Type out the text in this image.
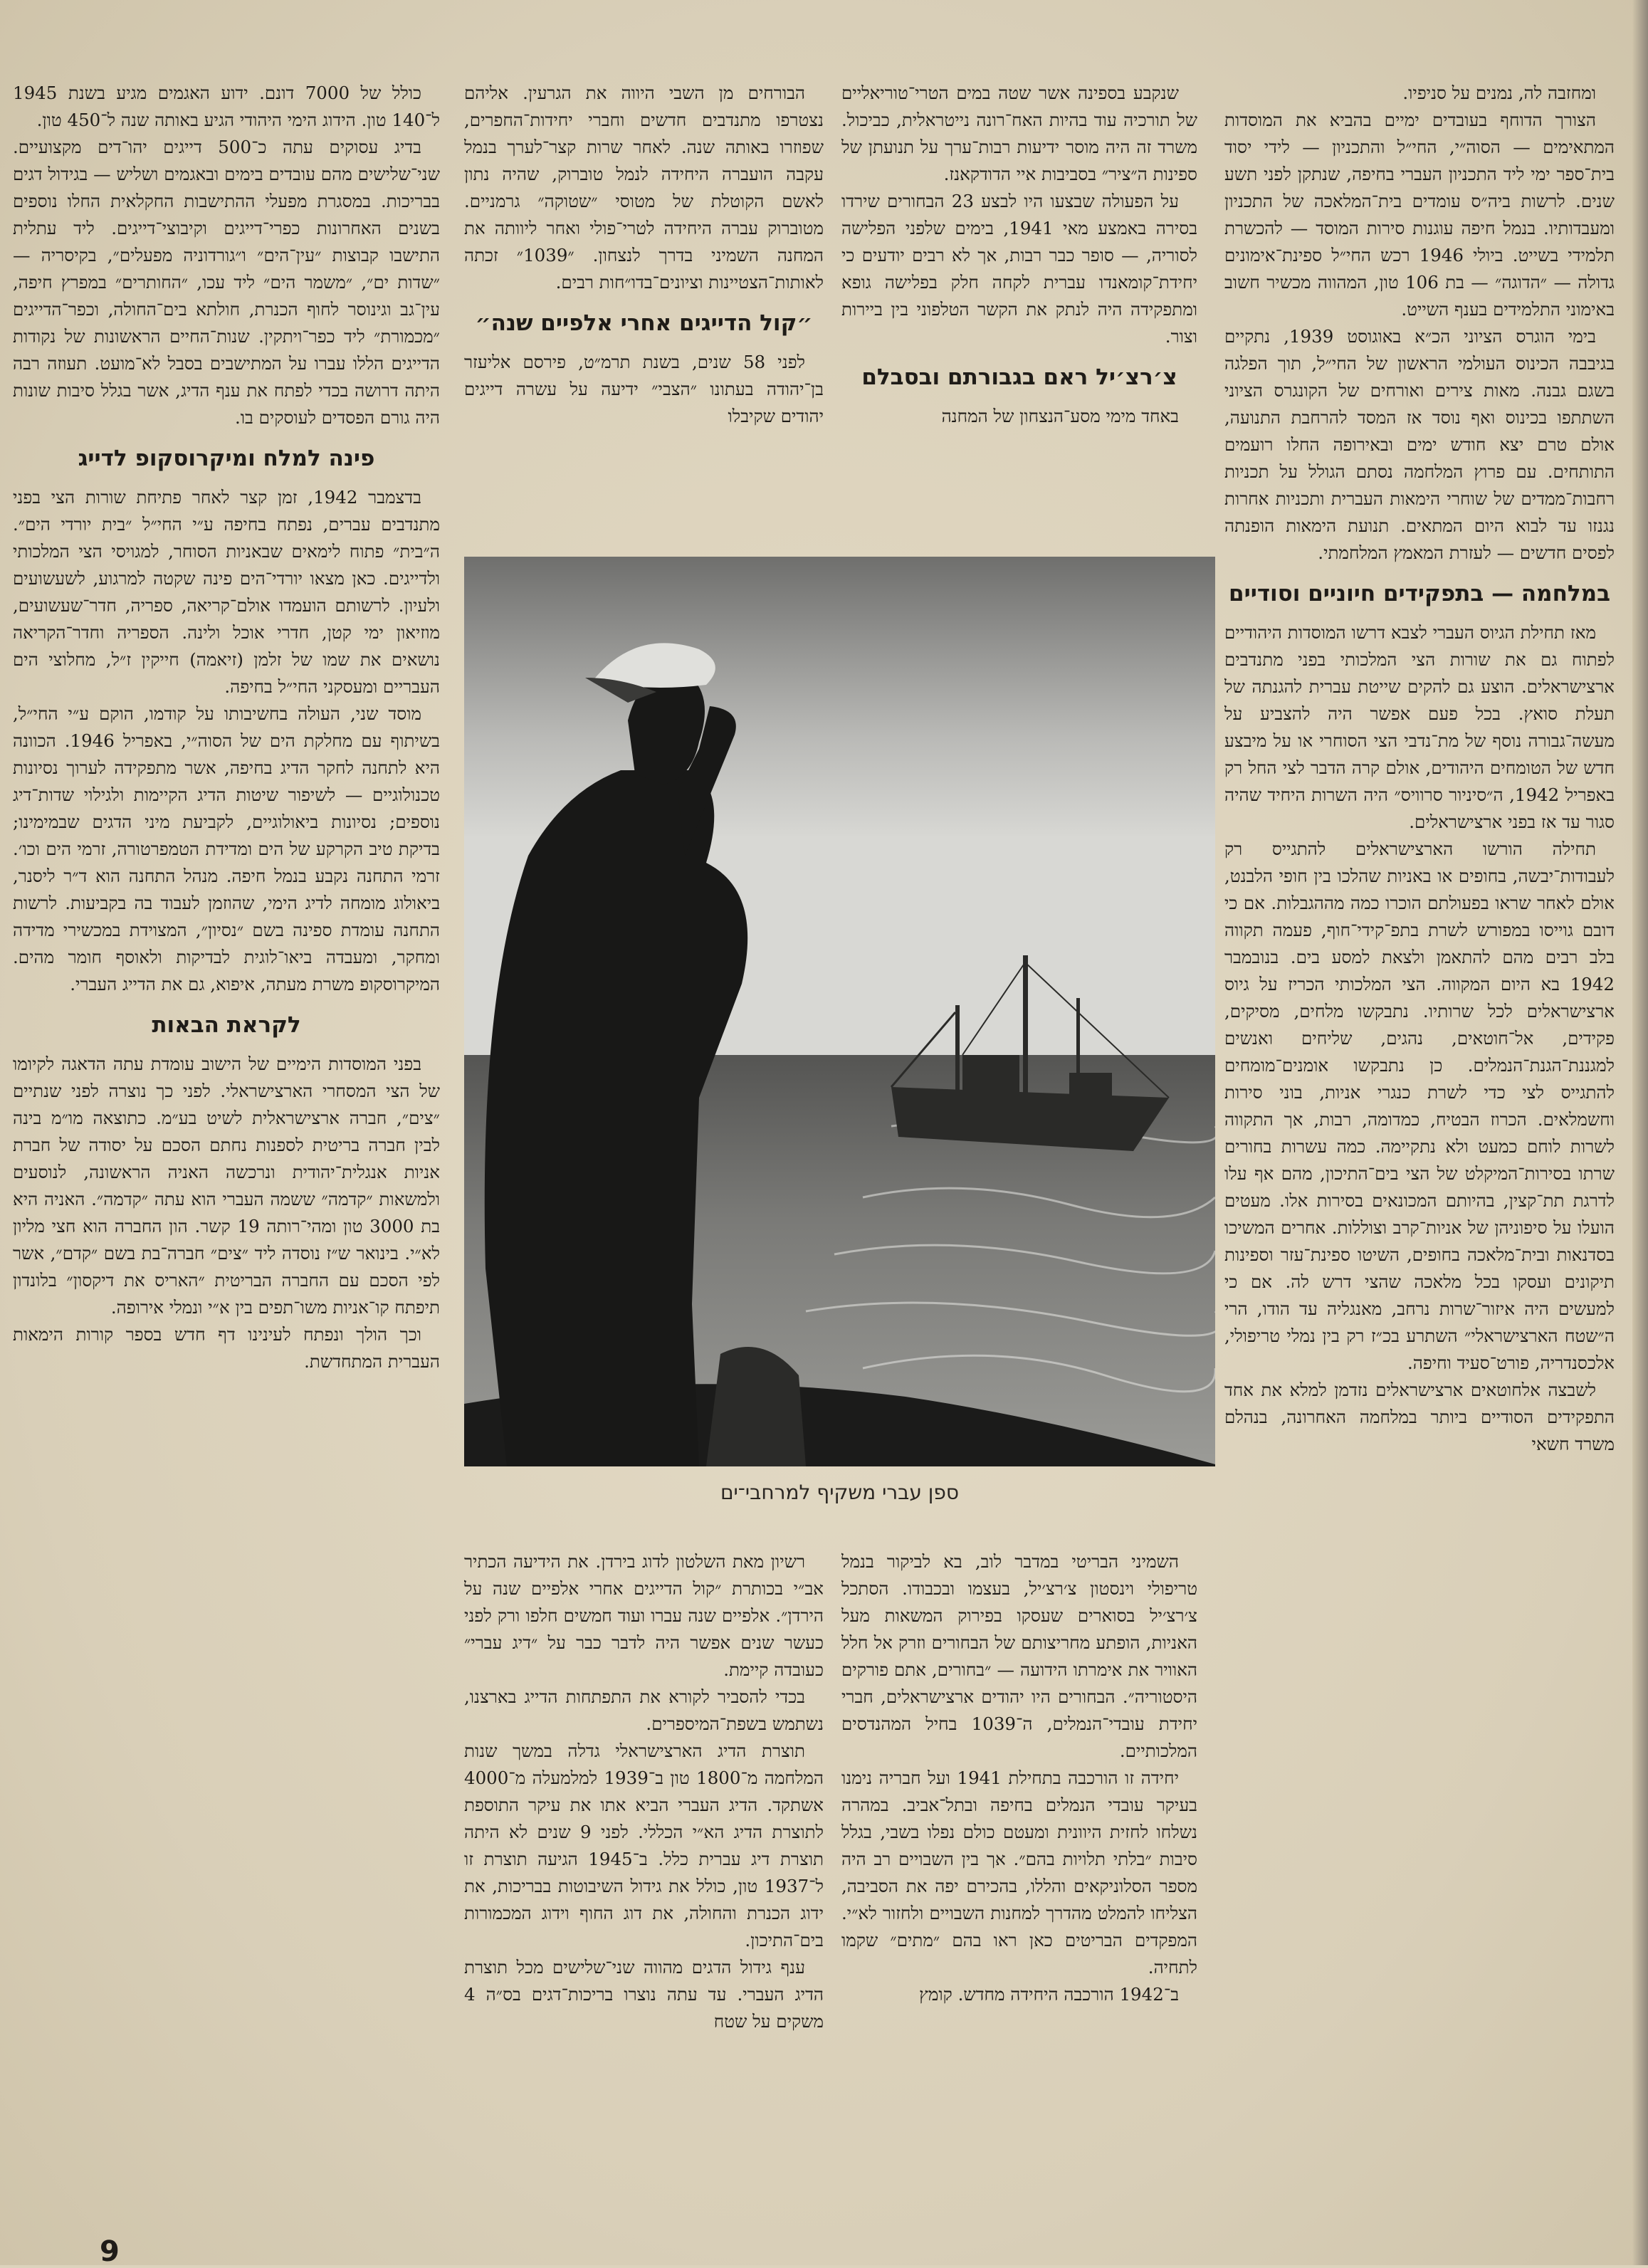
ומחזבה לה, נמנים על סניפיו.

הצורך הדוחף בעובדים ימיים בהביא את המוסדות המתאימים — הסוה״י, החי״ל והתכניון — לידי יסוד בית־ספר ימי ליד התכניון העברי בחיפה, שנתקן לפני תשע שנים. לרשות ביה״ס עומדים בית־המלאכה של התכניון ומעבדותיו. בנמל חיפה עוגנות סירות המוסד — להכשרת תלמידי בשייט. ביולי 1946 רכש החי״ל ספינת־אימונים גדולה — ״הדוגה״ — בת 106 טון, המהווה מכשיר חשוב באימוני התלמידים בענף השייט.

בימי הוגרס הציוני הכ״א באוגוסט 1939, נתקיים בגיבבה הכינוס העולמי הראשון של החי״ל, תוך הפלגה בשגם גבנה. מאות צירים ואורחים של הקונגרס הציוני השתתפו בכינוס ואף נוסד אז המסד להרחבת התנועה, אולם טרם יצא חודש ימים ובאירופה החלו רועמים התותחים. עם פרוץ המלחמה נסתם הגולל על תכניות רחבות־ממדים של שוחרי הימאות העברית ותכניות אחרות נגנזו עד לבוא היום המתאים. תנועת הימאות הופנתה לפסים חדשים — לעזרת המאמץ המלחמתי.

במלחמה — בתפקידים חיוניים וסודיים

מאז תחילת הגיוס העברי לצבא דרשו המוסדות היהודיים לפתוח גם את שורות הצי המלכותי בפני מתנדבים ארצישראלים. הוצע גם להקים שייטת עברית להגנתה של תעלת סואץ. בכל פעם אפשר היה להצביע על מעשה־גבורה נוסף של מת־נדבי הצי הסוחרי או על מיבצע חדש של הטומחים היהודים, אולם קרה הדבר לצי החל רק באפריל 1942, ה״סיניור סרוויס״ היה השרות היחיד שהיה סגור עד אז בפני ארצישראלים.

תחילה הורשו הארצישראלים להתגייס רק לעבודות־יבשה, בחופים או באניות שהלכו בין חופי הלבנט, אולם לאחר שראו בפעולתם הוכרו כמה מההגבלות. אם כי דובם גוייסו במפורש לשרת בתפ־קידי־חוף, פעמה תקווה בלב רבים מהם להתאמן ולצאת למסע בים. בנובמבר 1942 בא היום המקווה. הצי המלכותי הכריז על גיוס ארצישראלים לכל שרותיו. נתבקשו מלחים, מסיקים, פקידים, אל־חוטאים, נהגים, שליחים ואנשים למגננת־הגנת־הנמלים. כן נתבקשו אומנים־מומחים להתגייס לצי כדי לשרת כנגרי אניות, בוני סירות וחשמלאים. הכרוז הבטיח, כמדומה, רבות, אך התקווה לשרות לוחם כמעט ולא נתקיימה. כמה עשרות בחורים שרתו בסירות־המיקלט של הצי בים־התיכון, מהם אף עלו לדרגת תת־קצין, בהיותם המכונאים בסירות אלו. מעטים הועלו על סיפוניהן של אניות־קרב וצוללות. אחרים המשיכו בסדנאות ובית־מלאכה בחופים, השיטו ספינת־עזר וספינות תיקונים ועסקו בכל מלאכה שהצי דרש לה. אם כי למעשים היה איזור־שרות נרחב, מאנגליה עד הודו, הרי ה״שטח הארצישראלי״ השתרע בכ״ז רק בין נמלי טריפולי, אלכסנדריה, פורט־סעיד וחיפה.

לשבצה אלחוטאים ארצישראלים נזדמן למלא את אחד התפקידים הסודיים ביותר במלחמה האחרונה, בנהלם משרד חשאי

שנקבע בספינה אשר שטה במים הטרי־טוריאליים של תורכיה עוד בהיות האח־רונה נייטראלית, כביכול. משרד זה היה מוסר ידיעות רבות־ערך על תנועתן של ספינות ה״ציר״ בסביבות איי הדודקאנז.

על הפעולה שבצעו היו לבצע 23 הבחורים שירדו בסירה באמצע מאי 1941, בימים שלפני הפלישה לסוריה, — סופר כבר רבות, אך לא רבים יודעים כי יחידת־קומאנדו עברית לקחה חלק בפלישה גופא ומתפקידה היה לנתק את הקשר הטלפוני בין ביירות וצור.

צ׳רצ׳יל ראם בגבורתם ובסבלם

באחד מימי מסע־הנצחון של המחנה

הבורחים מן השבי היווה את הגרעין. אליהם נצטרפו מתנדבים חדשים וחברי יחידות־החפרים, שפוזרו באותה שנה. לאחר שרות קצר־לערך בנמל עקבה הועברה היחידה לנמל טוברוק, שהיה נתון לאשם הקוטלת של מטוסי ״שטוקה״ גרמניים. מטוברוק עברה היחידה לטרי־פולי ואחר ליוותה את המחנה השמיני בדרך לנצחון. ״1039״ זכתה לאותות־הצטיינות וציונים־בדו״חות רבים.

״קול הדייגים אחרי אלפיים שנה״

לפני 58 שנים, בשנת תרמ״ט, פירסם אליעזר בן־יהודה בעתונו ״הצבי״ ידיעה על עשרה דייגים יהודים שקיבלו

כולל של 7000 דונם. ידוע האגמים מגיע בשנת 1945 ל־140 טון. הידוג הימי היהודי הגיע באותה שנה ל־450 טון.

בדיג עסוקים עתה כ־500 דייגים יהו־דים מקצועיים. שני־שלישים מהם עובדים בימים ובאגמים ושליש — בגידול דגים בבריכות. במסגרת מפעלי ההתישבות החקלאית החלו נוספים בשנים האחרונות כפרי־דייגים וקיבוצי־דייגים. ליד עתלית התישבו קבוצות ״עין־הים״ ו״גורדוניה מפעלים״, בקיסריה — ״שדות ים״, ״משמר הים״ ליד עכו, ״החותרים״ במפרץ חיפה, עין־גב וגינוסר לחוף הכנרת, חולתא בים־החולה, וכפר־הדייגים ״מכמורת״ ליד כפר־ויתקין. שנות־החיים הראשונות של נקודות הדייגים הללו עברו על המתישבים בסבל לא־מועט. תעוזה רבה היתה דרושה בכדי לפתח את ענף הדיג, אשר בגלל סיבות שונות היה גורם הפסדים לעוסקים בו.

פינה למלח ומיקרוסקופ לדייג

בדצמבר 1942, זמן קצר לאחר פתיחת שורות הצי בפני מתנדבים עברים, נפתח בחיפה ע״י החי״ל ״בית יורדי הים״. ה״בית״ פתוח לימאים שבאניות הסוחר, למגויסי הצי המלכותי ולדייגים. כאן מצאו יורדי־הים פינה שקטה למרגוע, לשעשועים ולעיון. לרשותם הועמדו אולם־קריאה, ספריה, חדר־שעשועים, מוזיאון ימי קטן, חדרי אוכל ולינה. הספריה וחדר־הקריאה נושאים את שמו של זלמן (זיאמה) חייקין ז״ל, מחלוצי הים העבריים ומעסקני החי״ל בחיפה.

מוסד שני, העולה בחשיבותו על קודמו, הוקם ע״י החי״ל, בשיתוף עם מחלקת הים של הסוה״י, באפריל 1946. הכוונה היא לתחנה לחקר הדיג בחיפה, אשר מתפקידה לערוך נסיונות טכנולוגיים — לשיפור שיטות הדיג הקיימות ולגילוי שדות־דיג נוספים; נסיונות ביאולוגיים, לקביעת מיני הדגים שבמימינו; בדיקת טיב הקרקע של הים ומדידת הטמפרטורה, זרמי הים וכו׳. זרמי התחנה נקבע בנמל חיפה. מנהל התחנה הוא ד״ר ליסנר, ביאולוג מומחה לדיג הימי, שהוזמן לעבוד בה בקביעות. לרשות התחנה עומדת ספינה בשם ״נסיון״, המצוידת במכשירי מדידה ומחקר, ומעבדה ביאו־לוגית לבדיקות ולאוסף חומר מהים. המיקרוסקופ משרת מעתה, איפוא, גם את הדייג העברי.

לקראת הבאות

בפני המוסדות הימיים של הישוב עומדת עתה הדאגה לקיומו של הצי המסחרי הארצישראלי. לפני כך נוצרה לפני שנתיים ״צים״, חברה ארצישראלית לשיט בע״מ. כתוצאה מו״מ בינה לבין חברה בריטית לספנות נחתם הסכם על יסודה של חברת אניות אנגלית־יהודית ונרכשה האניה הראשונה, לנוסעים ולמשאות ״קדמה״ ששמה העברי הוא עתה ״קדמה״. האניה היא בת 3000 טון ומהי־רותה 19 קשר. הון החברה הוא חצי מליון לא״י. בינואר ש״ז נוסדה ליד ״צים״ חברה־בת בשם ״קדם״, אשר לפי הסכם עם החברה הבריטית ״האריס את דיקסון״ בלונדון תיפתח קו־אניות משו־תפים בין א״י ונמלי אירופה.

וכך הולך ונפתח לעינינו דף חדש בספר קורות הימאות העברית המתחדשת.

ספן עברי משקיף למרחבי־ים

השמיני הבריטי במדבר לוב, בא לביקור בנמל טריפולי וינסטון צ׳רצ׳יל, בעצמו ובכבודו. הסתכל צ׳רצ׳יל בסוארים שעסקו בפירוק המשאות מעל האניות, הופתע מחריצותם של הבחורים וזרק אל חלל האוויר את אימרתו הידועה — ״בחורים, אתם פורקים היסטוריה״. הבחורים היו יהודים ארצישראלים, חברי יחידת עובדי־הנמלים, ה־1039 בחיל המהנדסים המלכותיים.

יחידה זו הורכבה בתחילת 1941 ועל חבריה נימנו בעיקר עובדי הנמלים בחיפה ובתל־אביב. במהרה נשלחו לחזית היוונית ומעטם כולם נפלו בשבי, בגלל סיבות ״בלתי תלויות בהם״. אך בין השבויים רב היה מספר הסלוניקאים והללו, בהכירם יפה את הסביבה, הצליחו להמלט מהדרך למחנות השבויים ולחזור לא״י. המפקדים הבריטים כאן ראו בהם ״מתים״ שקמו לתחיה.

ב־1942 הורכבה היחידה מחדש. קומץ

רשיון מאת השלטון לדוג בירדן. את הידיעה הכתיר אב״י בכותרת ״קול הדייגים אחרי אלפיים שנה על הירדן״. אלפיים שנה עברו ועוד חמשים חלפו ורק לפני כעשר שנים אפשר היה לדבר כבר על ״דיג עברי״ כעובדה קיימת.

בכדי להסביר לקורא את התפתחות הדייג בארצנו, נשתמש בשפת־המיספרים.

תוצרת הדיג הארצישראלי גדלה במשך שנות המלחמה מ־1800 טון ב־1939 למלמעלה מ־4000 אשתקד. הדיג העברי הביא אתו את עיקר התוספת לתוצרת הדיג הא״י הכללי. לפני 9 שנים לא היתה תוצרת דיג עברית כלל. ב־1945 הגיעה תוצרת זו ל־1937 טון, כולל את גידול השיבוטות בבריכות, את ידוג הכנרת והחולה, את דוג החוף וידוג המכמורות בים־התיכון.

ענף גידול הדגים מהווה שני־שלישים מכל תוצרת הדיג העברי. עד עתה נוצרו בריכות־דגים בס״ה 4 משקים על שטח

9
